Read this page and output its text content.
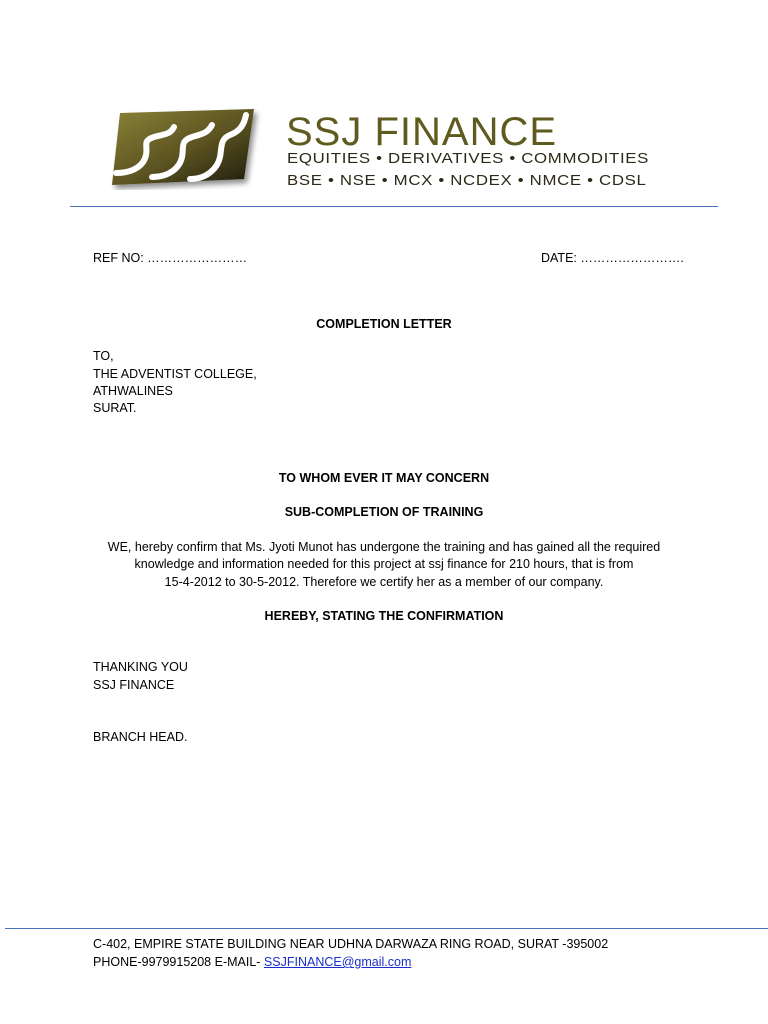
SSJ FINANCE
EQUITIES • DERIVATIVES • COMMODITIES
BSE • NSE • MCX • NCDEX • NMCE • CDSL
REF NO: ……………………	DATE: …………………….
COMPLETION LETTER
TO,
THE ADVENTIST COLLEGE,
ATHWALINES
SURAT.
TO WHOM EVER IT MAY CONCERN
SUB-COMPLETION OF TRAINING
WE, hereby confirm that Ms. Jyoti Munot has undergone the training and has gained all the required
knowledge and information needed for this project at ssj finance for 210 hours, that is from
15-4-2012 to 30-5-2012. Therefore we certify her as a member of our company.
HEREBY, STATING THE CONFIRMATION
THANKING YOU
SSJ FINANCE
BRANCH HEAD.
C-402, EMPIRE STATE BUILDING NEAR UDHNA DARWAZA RING ROAD, SURAT -395002
PHONE-9979915208 E-MAIL- SSJFINANCE@gmail.com
